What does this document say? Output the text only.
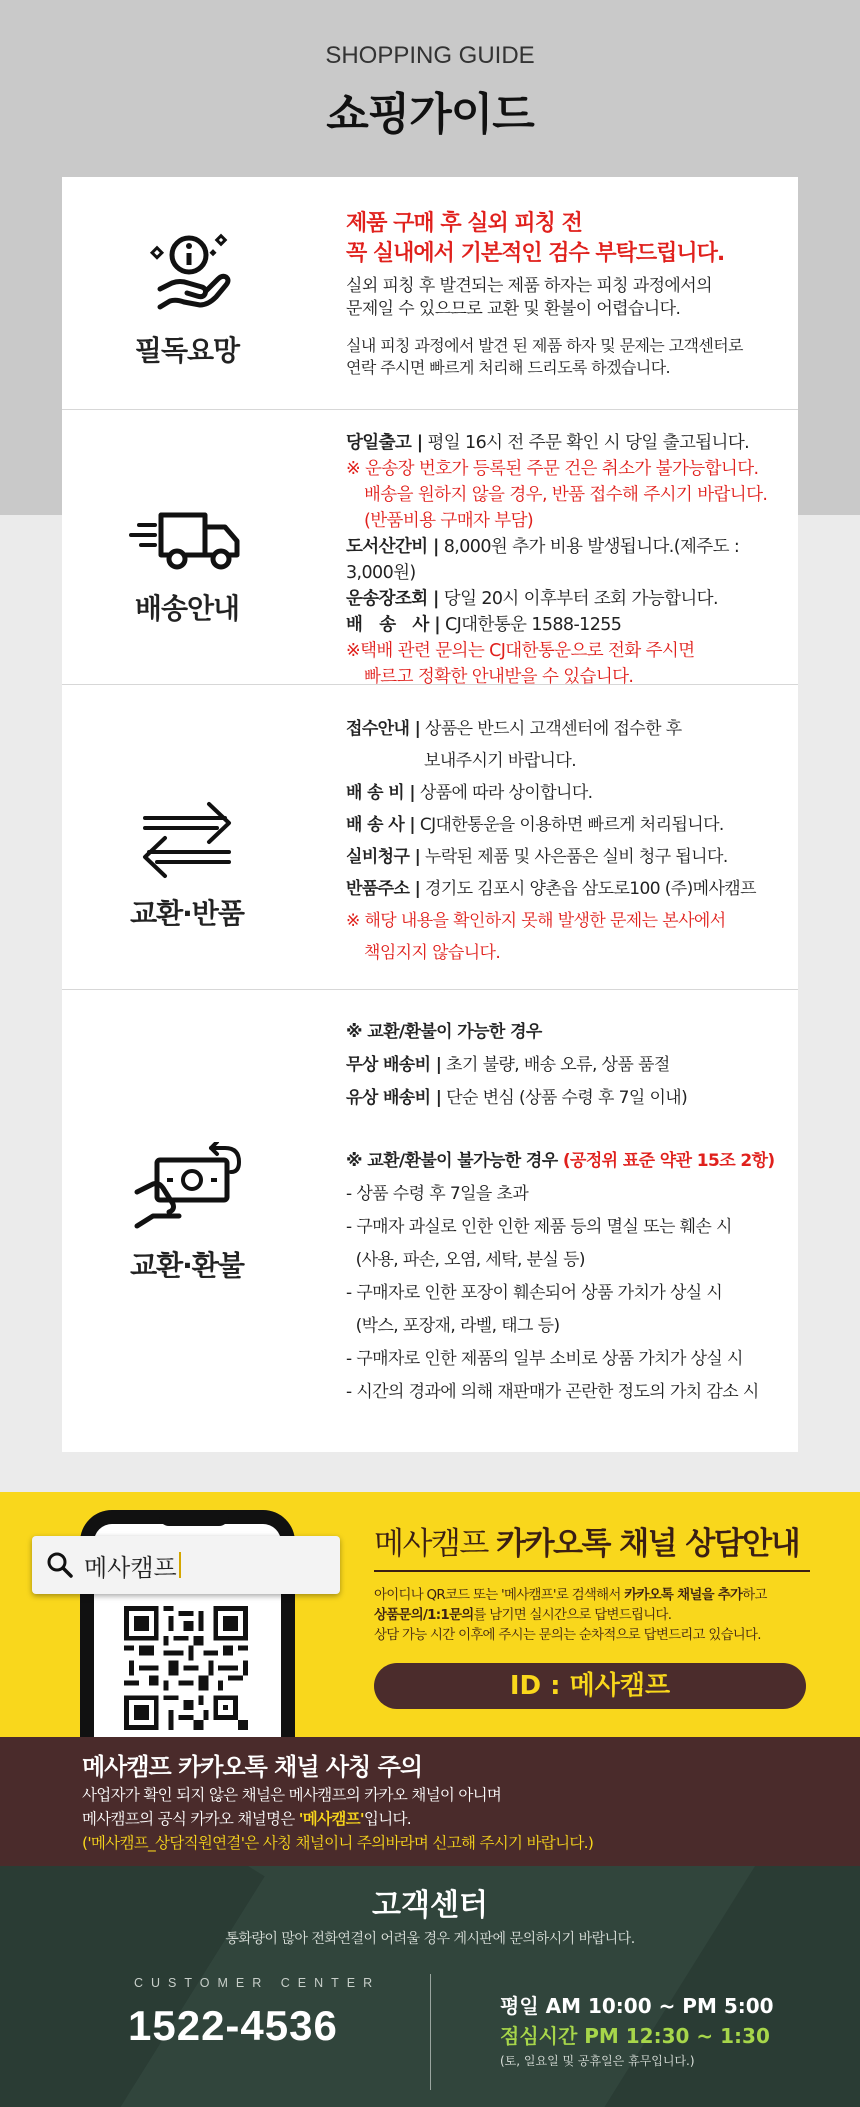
SHOPPING GUIDE
쇼핑가이드
필독요망
제품 구매 후 실외 피칭 전
꼭 실내에서 기본적인 검수 부탁드립니다.
실외 피칭 후 발견되는 제품 하자는 피칭 과정에서의
문제일 수 있으므로 교환 및 환불이 어렵습니다.
실내 피칭 과정에서 발견 된 제품 하자 및 문제는 고객센터로
연락 주시면 빠르게 처리해 드리도록 하겠습니다.
배송안내
당일출고 | 평일 16시 전 주문 확인 시 당일 출고됩니다.
※ 운송장 번호가 등록된 주문 건은 취소가 불가능합니다.
배송을 원하지 않을 경우, 반품 접수해 주시기 바랍니다.
(반품비용 구매자 부담)
도서산간비 | 8,000원 추가 비용 발생됩니다.(제주도 : 3,000원)
운송장조회 | 당일 20시 이후부터 조회 가능합니다.
배　송　사 | CJ대한통운 1588-1255
※택배 관련 문의는 CJ대한통운으로 전화 주시면
빠르고 정확한 안내받을 수 있습니다.
교환·반품
접수안내 | 상품은 반드시 고객센터에 접수한 후
보내주시기 바랍니다.
배 송 비 | 상품에 따라 상이합니다.
배 송 사 | CJ대한통운을 이용하면 빠르게 처리됩니다.
실비청구 | 누락된 제품 및 사은품은 실비 청구 됩니다.
반품주소 | 경기도 김포시 양촌읍 삼도로100 (주)메사캠프
※ 해당 내용을 확인하지 못해 발생한 문제는 본사에서
책임지지 않습니다.
교환·환불
※ 교환/환불이 가능한 경우
무상 배송비 | 초기 불량, 배송 오류, 상품 품절
유상 배송비 | 단순 변심 (상품 수령 후 7일 이내)
※ 교환/환불이 불가능한 경우 (공정위 표준 약관 15조 2항)
- 상품 수령 후 7일을 초과
- 구매자 과실로 인한 인한 제품 등의 멸실 또는 훼손 시
(사용, 파손, 오염, 세탁, 분실 등)
- 구매자로 인한 포장이 훼손되어 상품 가치가 상실 시
(박스, 포장재, 라벨, 태그 등)
- 구매자로 인한 제품의 일부 소비로 상품 가치가 상실 시
- 시간의 경과에 의해 재판매가 곤란한 정도의 가치 감소 시
메사캠프
메사캠프 카카오톡 채널 상담안내
아이디나 QR코드 또는 '메사캠프'로 검색해서 카카오톡 채널을 추가하고
상품문의/1:1문의를 남기면 실시간으로 답변드립니다.
상담 가능 시간 이후에 주시는 문의는 순차적으로 답변드리고 있습니다.
ID : 메사캠프
메사캠프 카카오톡 채널 사칭 주의
사업자가 확인 되지 않은 채널은 메사캠프의 카카오 채널이 아니며
메사캠프의 공식 카카오 채널명은 '메사캠프'입니다.
('메사캠프_상담직원연결'은 사칭 채널이니 주의바라며 신고해 주시기 바랍니다.)
고객센터
통화량이 많아 전화연결이 어려울 경우 게시판에 문의하시기 바랍니다.
CUSTOMER CENTER
1522-4536	평일 AM 10:00 ~ PM 5:00
점심시간 PM 12:30 ~ 1:30
(토, 일요일 및 공휴일은 휴무입니다.)
